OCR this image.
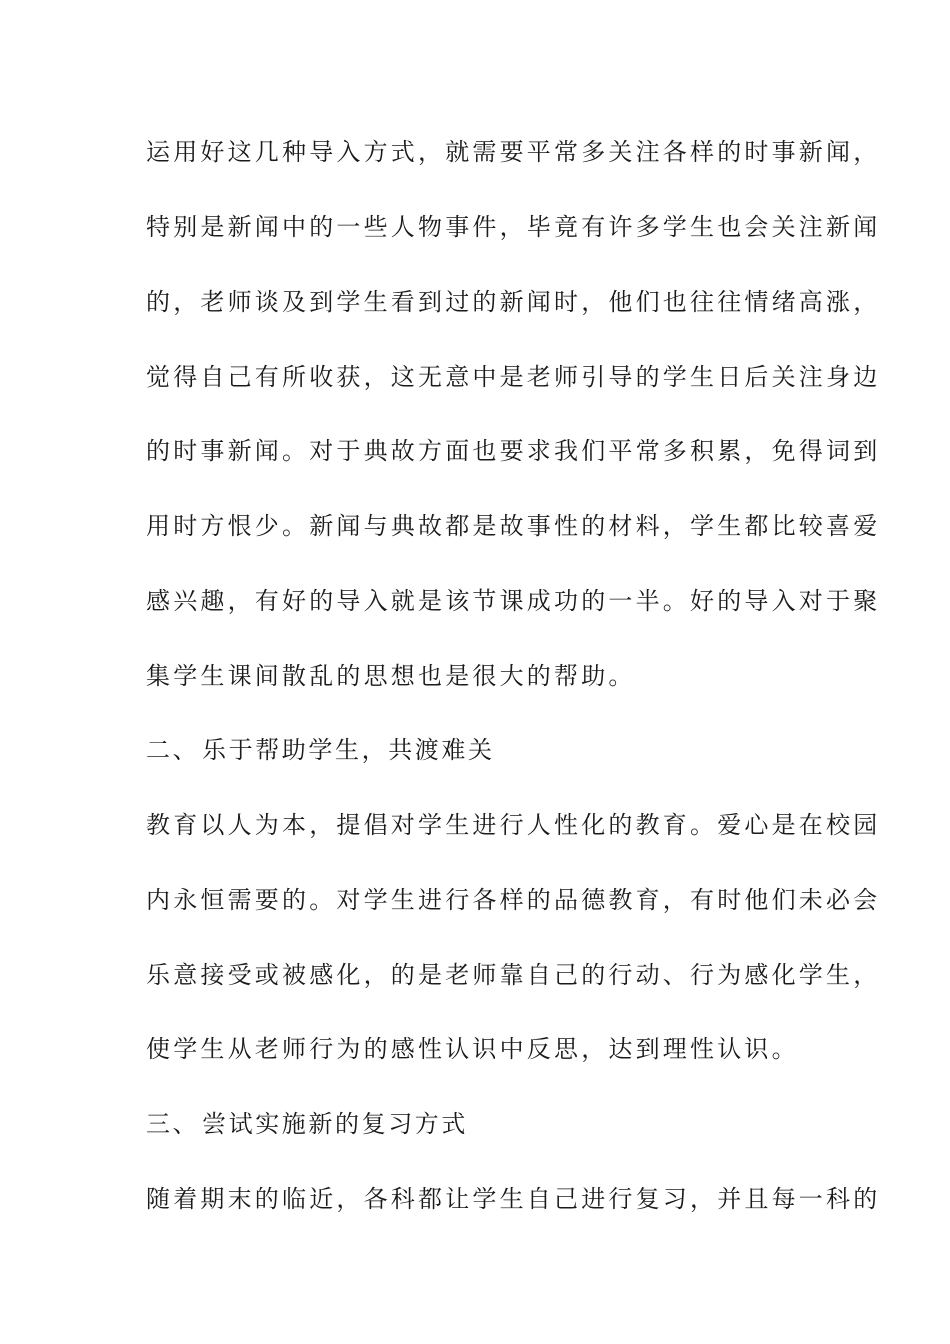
运用好这几种导入方式，就需要平常多关注各样的时事新闻，
特别是新闻中的一些人物事件，毕竟有许多学生也会关注新闻
的，老师谈及到学生看到过的新闻时，他们也往往情绪高涨，
觉得自己有所收获，这无意中是老师引导的学生日后关注身边
的时事新闻。对于典故方面也要求我们平常多积累，免得词到
用时方恨少。新闻与典故都是故事性的材料，学生都比较喜爱
感兴趣，有好的导入就是该节课成功的一半。好的导入对于聚
集学生课间散乱的思想也是很大的帮助。
二、 乐于帮助学生，共渡难关
教育以人为本，提倡对学生进行人性化的教育。爱心是在校园
内永恒需要的。对学生进行各样的品德教育，有时他们未必会
乐意接受或被感化，的是老师靠自己的行动、行为感化学生，
使学生从老师行为的感性认识中反思，达到理性认识。
三、 尝试实施新的复习方式
随着期末的临近，各科都让学生自己进行复习，并且每一科的
